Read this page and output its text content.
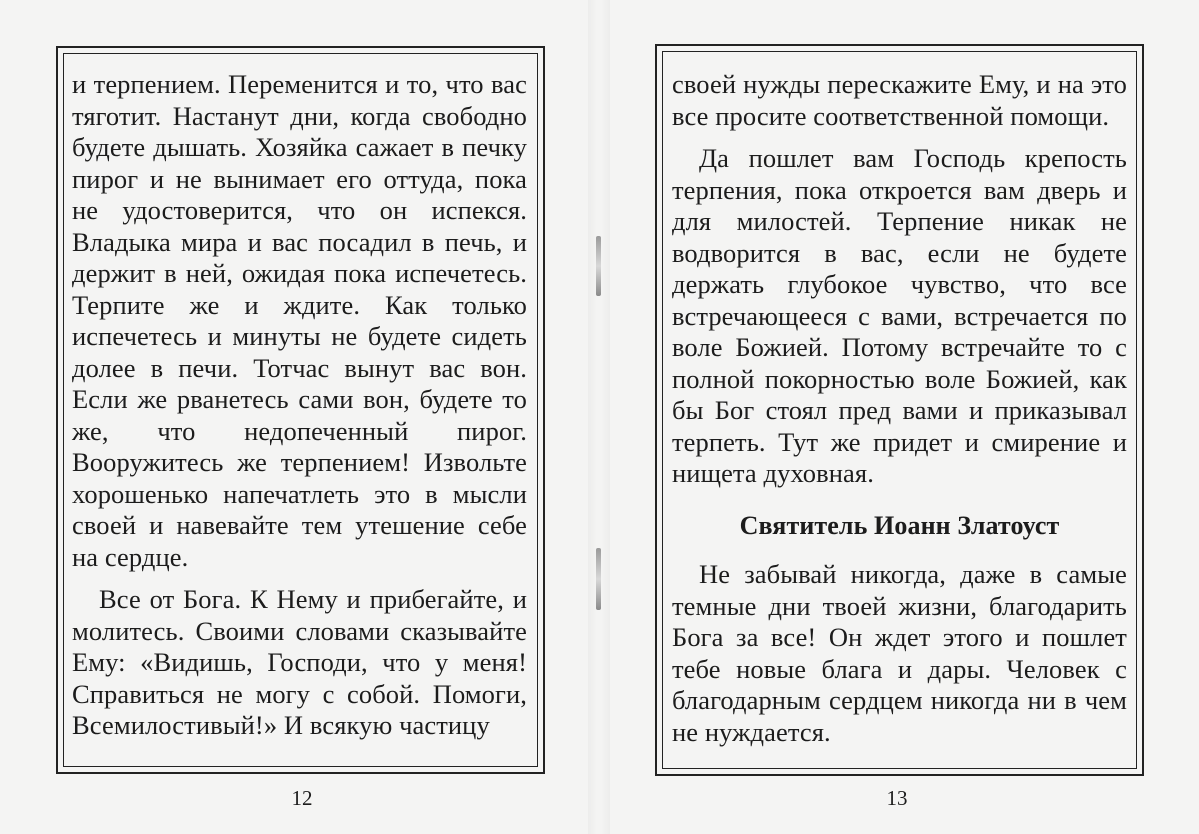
и терпением. Переменится и то, что вас тяготит. Настанут дни, когда свободно будете дышать. Хозяйка сажает в печку пирог и не вынимает его оттуда, пока не удостоверится, что он испекся. Владыка мира и вас посадил в печь, и держит в ней, ожидая пока испечетесь. Терпите же и ждите. Как только испечетесь и минуты не будете сидеть долее в печи. Тотчас вынут вас вон. Если же рванетесь сами вон, будете то же, что недопеченный пирог. Вооружитесь же терпением! Извольте хорошенько напечатлеть это в мысли своей и навевайте тем утешение себе на сердце.

Все от Бога. К Нему и прибегайте, и молитесь. Своими словами сказывайте Ему: «Видишь, Господи, что у меня! Справиться не могу с собой. Помоги, Всемилостивый!» И всякую частицу

12

своей нужды перескажите Ему, и на это все просите соответственной помощи.

Да пошлет вам Господь крепость терпения, пока откроется вам дверь и для милостей. Терпение никак не водворится в вас, если не будете держать глубокое чувство, что все встречающееся с вами, встречается по воле Божией. Потому встречайте то с полной покорностью воле Божией, как бы Бог стоял пред вами и приказывал терпеть. Тут же придет и смирение и нищета духовная.

Святитель Иоанн Златоуст

Не забывай никогда, даже в самые темные дни твоей жизни, благодарить Бога за все! Он ждет этого и пошлет тебе новые блага и дары. Человек с благодарным сердцем никогда ни в чем не нуждается.

13
